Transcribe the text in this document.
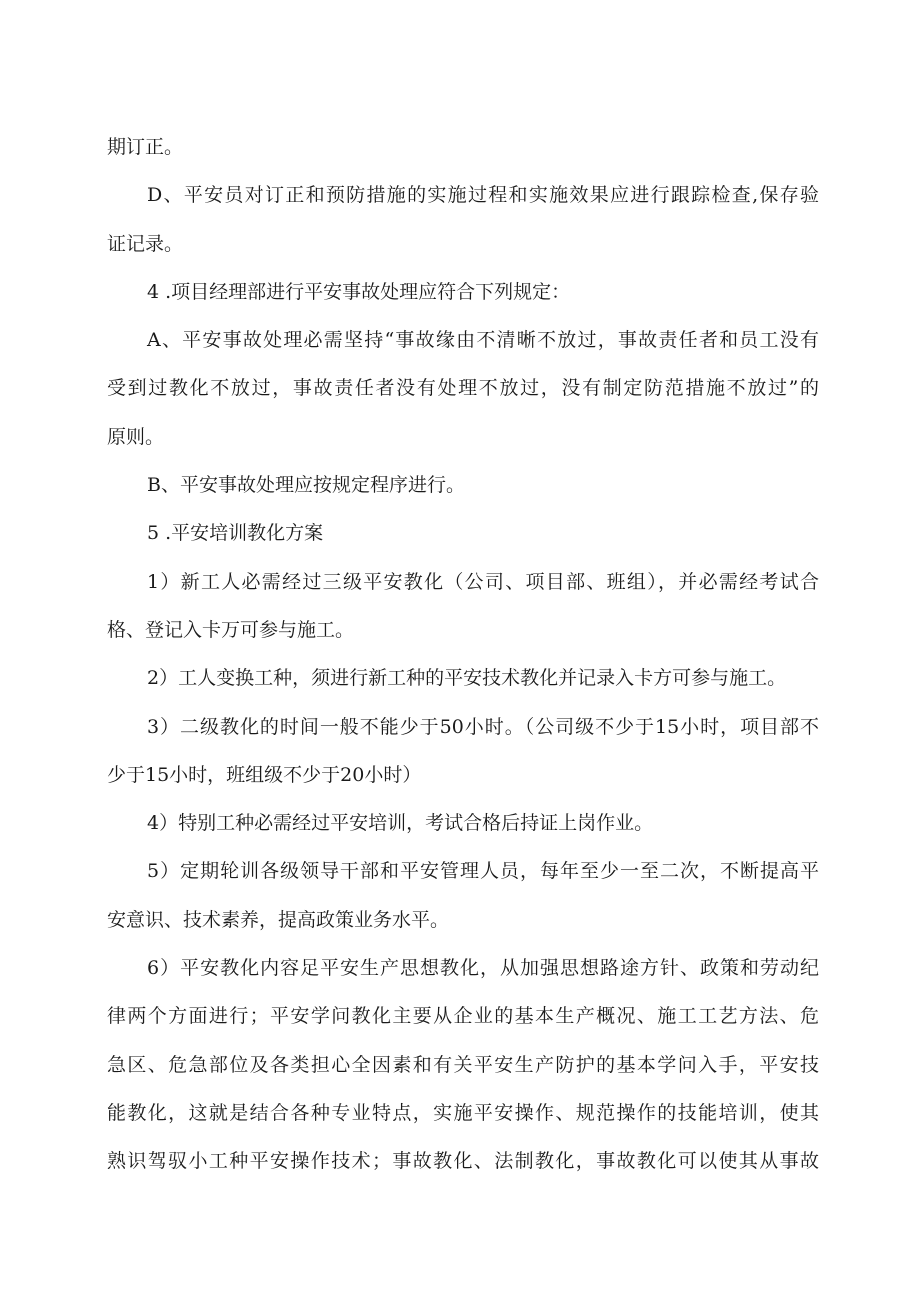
期订正。

D、平安员对订正和预防措施的实施过程和实施效果应进行跟踪检查,保存验
证记录。

4 .项目经理部进行平安事故处理应符合下列规定：

A、平安事故处理必需坚持“事故缘由不清晰不放过，事故责任者和员工没有
受到过教化不放过，事故责任者没有处理不放过，没有制定防范措施不放过”的
原则。

B、平安事故处理应按规定程序进行。

5 .平安培训教化方案

1）新工人必需经过三级平安教化（公司、项目部、班组），并必需经考试合
格、登记入卡万可参与施工。

2）工人变换工种，须进行新工种的平安技术教化并记录入卡方可参与施工。

3）二级教化的时间一般不能少于50小时。（公司级不少于15小时，项目部不
少于15小时，班组级不少于20小时）

4）特别工种必需经过平安培训，考试合格后持证上岗作业。

5）定期轮训各级领导干部和平安管理人员，每年至少一至二次，不断提高平
安意识、技术素养，提高政策业务水平。

6）平安教化内容足平安生产思想教化，从加强思想路途方针、政策和劳动纪
律两个方面进行；平安学问教化主要从企业的基本生产概况、施工工艺方法、危
急区、危急部位及各类担心全因素和有关平安生产防护的基本学问入手，平安技
能教化，这就是结合各种专业特点，实施平安操作、规范操作的技能培训，使其
熟识驾驭小工种平安操作技术；事故教化、法制教化，事故教化可以使其从事故
